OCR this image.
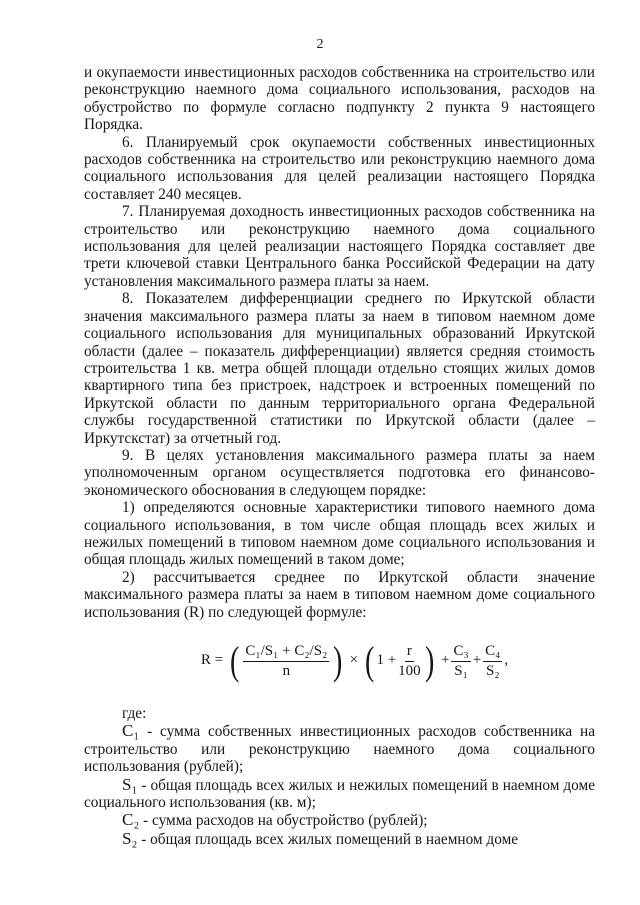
2

и окупаемости инвестиционных расходов собственника на строительство или реконструкцию наемного дома социального использования, расходов на обустройство по формуле согласно подпункту 2 пункта 9 настоящего Порядка.

6. Планируемый срок окупаемости собственных инвестиционных расходов собственника на строительство или реконструкцию наемного дома социального использования для целей реализации настоящего Порядка составляет 240 месяцев.

7. Планируемая доходность инвестиционных расходов собственника на строительство или реконструкцию наемного дома социального использования для целей реализации настоящего Порядка составляет две трети ключевой ставки Центрального банка Российской Федерации на дату установления максимального размера платы за наем.

8. Показателем дифференциации среднего по Иркутской области значения максимального размера платы за наем в типовом наемном доме социального использования для муниципальных образований Иркутской области (далее – показатель дифференциации) является средняя стоимость строительства 1 кв. метра общей площади отдельно стоящих жилых домов квартирного типа без пристроек, надстроек и встроенных помещений по Иркутской области по данным территориального органа Федеральной службы государственной статистики по Иркутской области (далее – Иркутскстат) за отчетный год.

9. В целях установления максимального размера платы за наем уполномоченным органом осуществляется подготовка его финансово-экономического обоснования в следующем порядке:

1) определяются основные характеристики типового наемного дома социального использования, в том числе общая площадь всех жилых и нежилых помещений в типовом наемном доме социального использования и общая площадь жилых помещений в таком доме;

2) рассчитывается среднее по Иркутской области значение максимального размера платы за наем в типовом наемном доме социального использования (R) по следующей формуле:

R = ( $\frac{\text{C₁/S₁ + C₂/S₂}}{n}$ ) × ( $1 + \frac{r}{100}$ ) + $\frac{\text{C₃}}{\text{S₁}} + \frac{\text{C₄}}{\text{S₂}}$ ,

где:

C₁ - сумма собственных инвестиционных расходов собственника на строительство или реконструкцию наемного дома социального использования (рублей);

S₁ - общая площадь всех жилых и нежилых помещений в наемном доме социального использования (кв. м);

C₂ - сумма расходов на обустройство (рублей);

S₂ - общая площадь всех жилых помещений в наемном доме
